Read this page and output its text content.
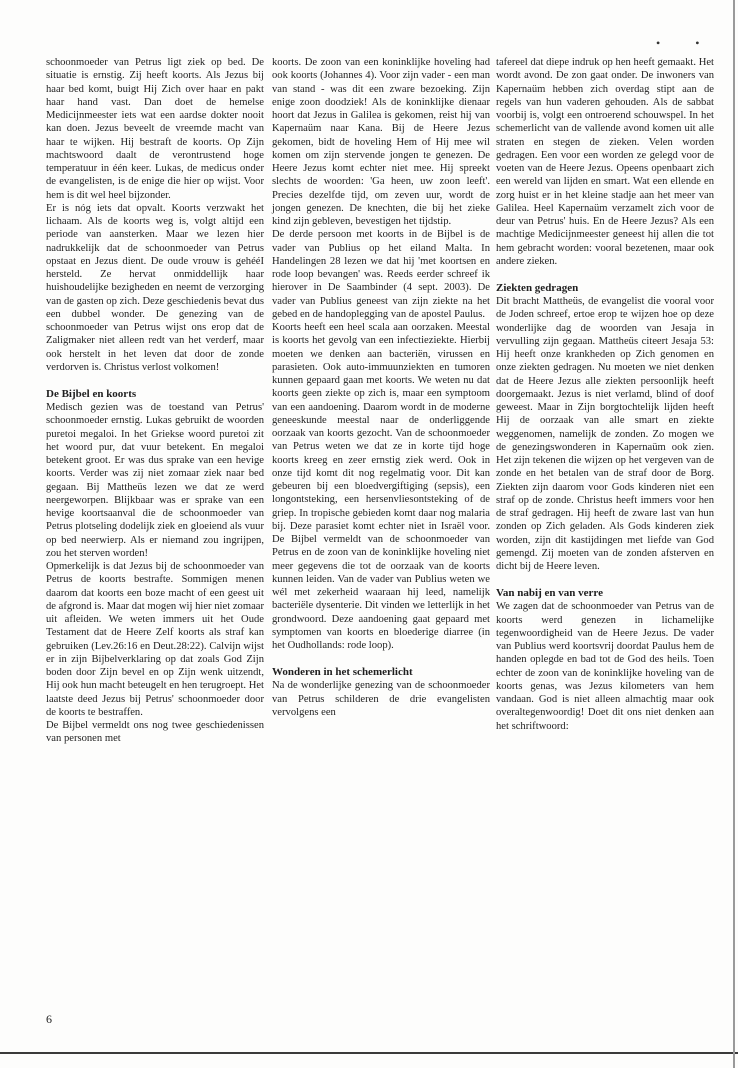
• •

schoonmoeder van Petrus ligt ziek op bed. De situatie is ernstig. Zij heeft koorts. Als Jezus bij haar bed komt, buigt Hij Zich over haar en pakt haar hand vast. Dan doet de hemelse Medicijnmeester iets wat een aardse dokter nooit kan doen. Jezus beveelt de vreemde macht van haar te wijken. Hij bestraft de koorts. Op Zijn machtswoord daalt de verontrustend hoge temperatuur in één keer. Lukas, de medicus onder de evangelisten, is de enige die hier op wijst. Voor hem is dit wel heel bijzonder.

Er is nóg iets dat opvalt. Koorts verzwakt het lichaam. Als de koorts weg is, volgt altijd een periode van aansterken. Maar we lezen hier nadrukkelijk dat de schoonmoeder van Petrus opstaat en Jezus dient. De oude vrouw is gehééI hersteld. Ze hervat onmiddellijk haar huishoudelijke bezigheden en neemt de verzorging van de gasten op zich. Deze geschiedenis bevat dus een dubbel wonder. De genezing van de schoonmoeder van Petrus wijst ons erop dat de Zaligmaker niet alleen redt van het verderf, maar ook herstelt in het leven dat door de zonde verdorven is. Christus verlost volkomen!

De Bijbel en koorts

Medisch gezien was de toestand van Petrus' schoonmoeder ernstig. Lukas gebruikt de woorden puretoi megaloi. In het Griekse woord puretoi zit het woord pur, dat vuur betekent. En megaloi betekent groot. Er was dus sprake van een hevige koorts. Verder was zij niet zomaar ziek naar bed gegaan. Bij Mattheüs lezen we dat ze werd neergeworpen. Blijkbaar was er sprake van een hevige koortsaanval die de schoonmoeder van Petrus plotseling dodelijk ziek en gloeiend als vuur op bed neerwierp. Als er niemand zou ingrijpen, zou het sterven worden!

Opmerkelijk is dat Jezus bij de schoonmoeder van Petrus de koorts bestrafte. Sommigen menen daarom dat koorts een boze macht of een geest uit de afgrond is. Maar dat mogen wij hier niet zomaar uit afleiden. We weten immers uit het Oude Testament dat de Heere Zelf koorts als straf kan gebruiken (Lev.26:16 en Deut.28:22). Calvijn wijst er in zijn Bijbelverklaring op dat zoals God Zijn boden door Zijn bevel en op Zijn wenk uitzendt, Hij ook hun macht beteugelt en hen terugroept. Het laatste deed Jezus bij Petrus' schoonmoeder door de koorts te bestraffen.

De Bijbel vermeldt ons nog twee geschiedenissen van personen met

koorts. De zoon van een koninklijke hoveling had ook koorts (Johannes 4). Voor zijn vader - een man van stand - was dit een zware bezoeking. Zijn enige zoon doodziek! Als de koninklijke dienaar hoort dat Jezus in Galilea is gekomen, reist hij van Kapernaüm naar Kana. Bij de Heere Jezus gekomen, bidt de hoveling Hem of Hij mee wil komen om zijn stervende jongen te genezen. De Heere Jezus komt echter niet mee. Hij spreekt slechts de woorden: 'Ga heen, uw zoon leeft'. Precies dezelfde tijd, om zeven uur, wordt de jongen genezen. De knechten, die bij het zieke kind zijn gebleven, bevestigen het tijdstip.

De derde persoon met koorts in de Bijbel is de vader van Publius op het eiland Malta. In Handelingen 28 lezen we dat hij 'met koortsen en rode loop bevangen' was. Reeds eerder schreef ik hierover in De Saambinder (4 sept. 2003). De vader van Publius geneest van zijn ziekte na het gebed en de handoplegging van de apostel Paulus.

Koorts heeft een heel scala aan oorzaken. Meestal is koorts het gevolg van een infectieziekte. Hierbij moeten we denken aan bacteriën, virussen en parasieten. Ook auto-immuunziekten en tumoren kunnen gepaard gaan met koorts. We weten nu dat koorts geen ziekte op zich is, maar een symptoom van een aandoening. Daarom wordt in de moderne geneeskunde meestal naar de onderliggende oorzaak van koorts gezocht. Van de schoonmoeder van Petrus weten we dat ze in korte tijd hoge koorts kreeg en zeer ernstig ziek werd. Ook in onze tijd komt dit nog regelmatig voor. Dit kan gebeuren bij een bloedvergiftiging (sepsis), een longontsteking, een hersenvliesontsteking of de griep. In tropische gebieden komt daar nog malaria bij. Deze parasiet komt echter niet in Israël voor. De Bijbel vermeldt van de schoonmoeder van Petrus en de zoon van de koninklijke hoveling niet meer gegevens die tot de oorzaak van de koorts kunnen leiden. Van de vader van Publius weten we wél met zekerheid waaraan hij leed, namelijk bacteriële dysenterie. Dit vinden we letterlijk in het grondwoord. Deze aandoening gaat gepaard met symptomen van koorts en bloederige diarree (in het Oudhollands: rode loop).

Wonderen in het schemerlicht

Na de wonderlijke genezing van de schoonmoeder van Petrus schilderen de drie evangelisten vervolgens een

tafereel dat diepe indruk op hen heeft gemaakt. Het wordt avond. De zon gaat onder. De inwoners van Kapernaüm hebben zich overdag stipt aan de regels van hun vaderen gehouden. Als de sabbat voorbij is, volgt een ontroerend schouwspel. In het schemerlicht van de vallende avond komen uit alle straten en stegen de zieken. Velen worden gedragen. Een voor een worden ze gelegd voor de voeten van de Heere Jezus. Opeens openbaart zich een wereld van lijden en smart. Wat een ellende en zorg huist er in het kleine stadje aan het meer van Galilea. Heel Kapernaüm verzamelt zich voor de deur van Petrus' huis. En de Heere Jezus? Als een machtige Medicijnmeester geneest hij allen die tot hem gebracht worden: vooral bezetenen, maar ook andere zieken.

Ziekten gedragen

Dit bracht Mattheüs, de evangelist die vooral voor de Joden schreef, ertoe erop te wijzen hoe op deze wonderlijke dag de woorden van Jesaja in vervulling zijn gegaan. Mattheüs citeert Jesaja 53: Hij heeft onze krankheden op Zich genomen en onze ziekten gedragen. Nu moeten we niet denken dat de Heere Jezus alle ziekten persoonlijk heeft doorgemaakt. Jezus is niet verlamd, blind of doof geweest. Maar in Zijn borgtochtelijk lijden heeft Hij de oorzaak van alle smart en ziekte weggenomen, namelijk de zonden. Zo mogen we de genezingswonderen in Kapernaüm ook zien. Het zijn tekenen die wijzen op het vergeven van de zonde en het betalen van de straf door de Borg. Ziekten zijn daarom voor Gods kinderen niet een straf op de zonde. Christus heeft immers voor hen de straf gedragen. Hij heeft de zware last van hun zonden op Zich geladen. Als Gods kinderen ziek worden, zijn dit kastijdingen met liefde van God gemengd. Zij moeten van de zonden afsterven en dicht bij de Heere leven.

Van nabij en van verre

We zagen dat de schoonmoeder van Petrus van de koorts werd genezen in lichamelijke tegenwoordigheid van de Heere Jezus. De vader van Publius werd koortsvrij doordat Paulus hem de handen oplegde en bad tot de God des heils. Toen echter de zoon van de koninklijke hoveling van de koorts genas, was Jezus kilometers van hem vandaan. God is niet alleen almachtig maar ook overaltegenwoordig! Doet dit ons niet denken aan het schriftwoord:

6
